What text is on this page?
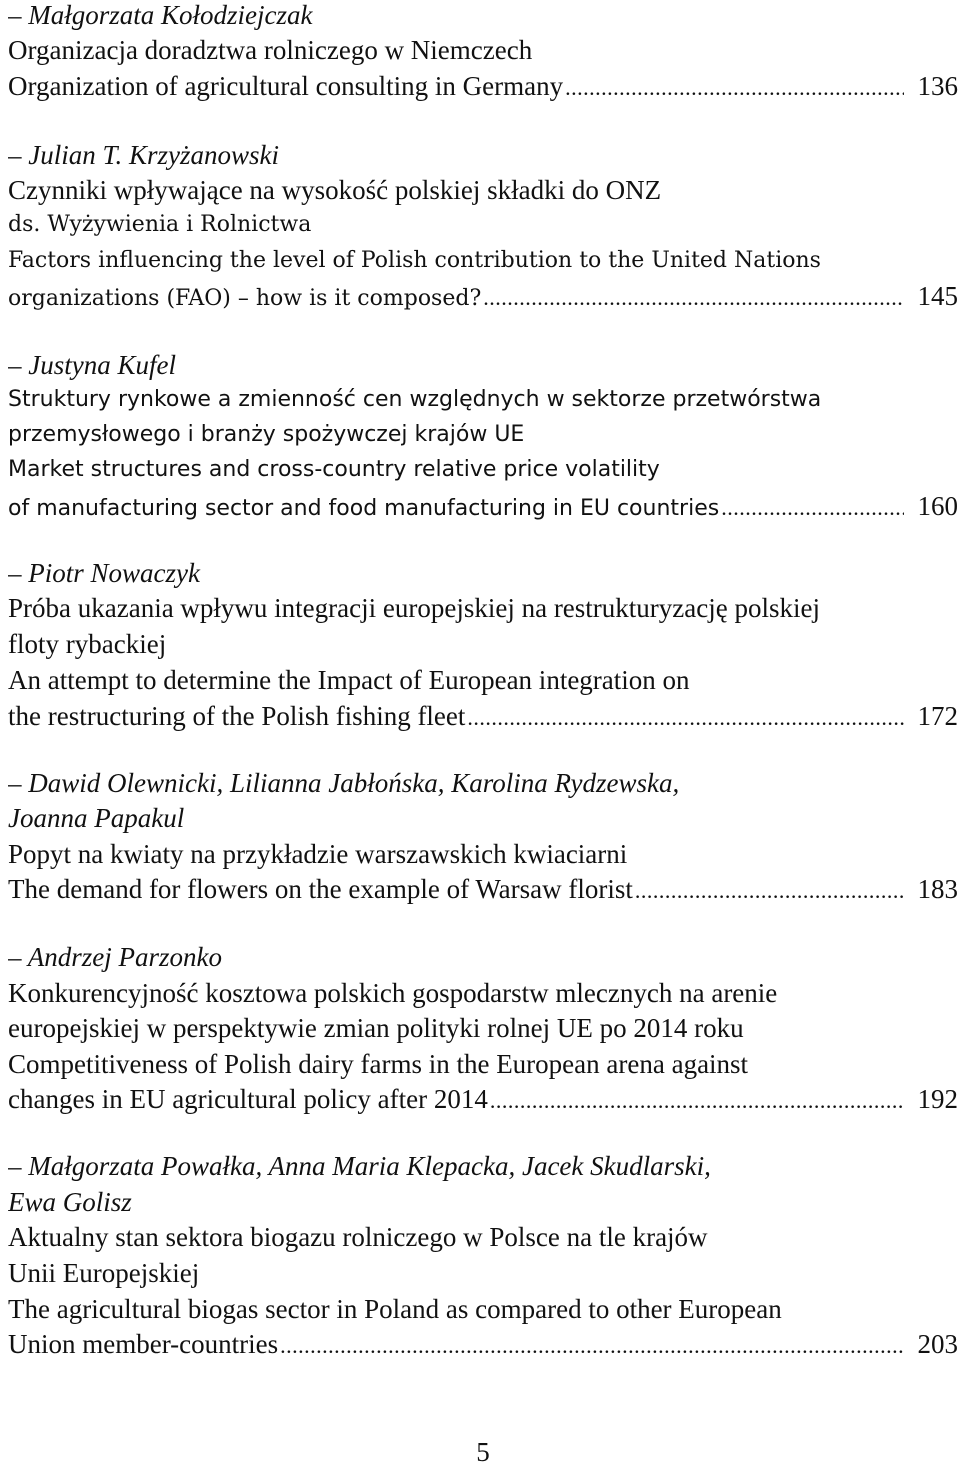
– Małgorzata Kołodziejczak
Organizacja doradztwa rolniczego w Niemczech
Organization of agricultural consulting in Germany .....	136
– Julian T. Krzyżanowski
Czynniki wpływające na wysokość polskiej składki do ONZ
ds. Wyżywienia i Rolnictwa
Factors influencing the level of Polish contribution to the United Nations
organizations (FAO) – how is it composed? .....	145
– Justyna Kufel
Struktury rynkowe a zmienność cen względnych w sektorze przetwórstwa
przemysłowego i branży spożywczej krajów UE
Market structures and cross-country relative price volatility
of manufacturing sector and food manufacturing in EU countries .....	160
– Piotr Nowaczyk
Próba ukazania wpływu integracji europejskiej na restrukturyzację polskiej
floty rybackiej
An attempt to determine the Impact of European integration on
the restructuring of the Polish fishing fleet .....	172
– Dawid Olewnicki, Lilianna Jabłońska, Karolina Rydzewska,
Joanna Papakul
Popyt na kwiaty na przykładzie warszawskich kwiaciarni
The demand for flowers on the example of Warsaw florist .....	183
– Andrzej Parzonko
Konkurencyjność kosztowa polskich gospodarstw mlecznych na arenie
europejskiej w perspektywie zmian polityki rolnej UE po 2014 roku
Competitiveness of Polish dairy farms in the European arena against
changes in EU agricultural policy after 2014 .....	192
– Małgorzata Powałka, Anna Maria Klepacka, Jacek Skudlarski,
Ewa Golisz
Aktualny stan sektora biogazu rolniczego w Polsce na tle krajów
Unii Europejskiej
The agricultural biogas sector in Poland as compared to other European
Union member-countries .....	203
5
